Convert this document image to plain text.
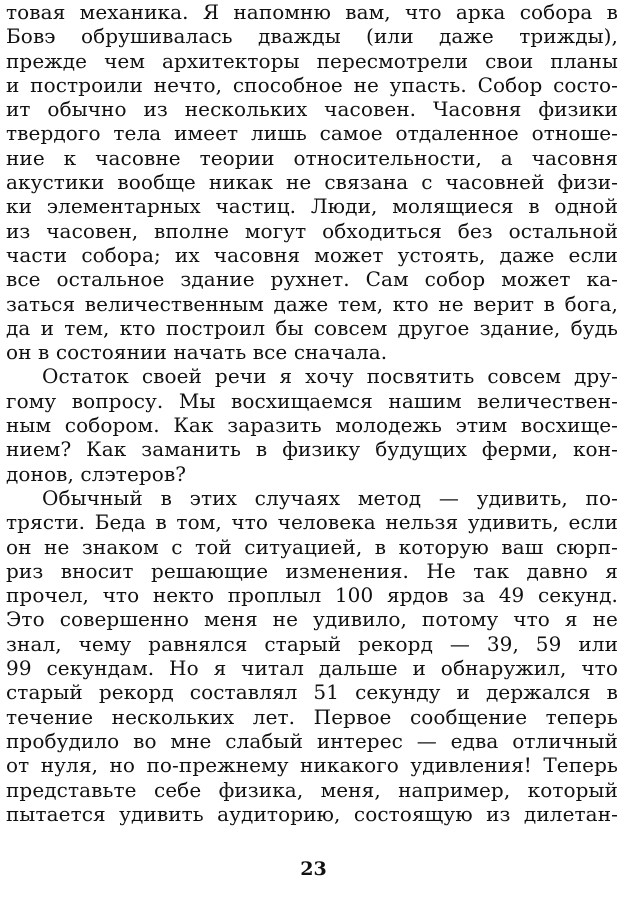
товая механика. Я напомню вам, что арка собора в
Бовэ обрушивалась дважды (или даже трижды),
прежде чем архитекторы пересмотрели свои планы
и построили нечто, способное не упасть. Собор состо-
ит обычно из нескольких часовен. Часовня физики
твердого тела имеет лишь самое отдаленное отноше-
ние к часовне теории относительности, а часовня
акустики вообще никак не связана с часовней физи-
ки элементарных частиц. Люди, молящиеся в одной
из часовен, вполне могут обходиться без остальной
части собора; их часовня может устоять, даже если
все остальное здание рухнет. Сам собор может ка-
заться величественным даже тем, кто не верит в бога,
да и тем, кто построил бы совсем другое здание, будь
он в состоянии начать все сначала.
Остаток своей речи я хочу посвятить совсем дру-
гому вопросу. Мы восхищаемся нашим величествен-
ным собором. Как заразить молодежь этим восхище-
нием? Как заманить в физику будущих ферми, кон-
донов, слэтеров?
Обычный в этих случаях метод — удивить, по-
трясти. Беда в том, что человека нельзя удивить, если
он не знаком с той ситуацией, в которую ваш сюрп-
риз вносит решающие изменения. Не так давно я
прочел, что некто проплыл 100 ярдов за 49 секунд.
Это совершенно меня не удивило, потому что я не
знал, чему равнялся старый рекорд — 39, 59 или
99 секундам. Но я читал дальше и обнаружил, что
старый рекорд составлял 51 секунду и держался в
течение нескольких лет. Первое сообщение теперь
пробудило во мне слабый интерес — едва отличный
от нуля, но по-прежнему никакого удивления! Теперь
представьте себе физика, меня, например, который
пытается удивить аудиторию, состоящую из дилетан-
23
